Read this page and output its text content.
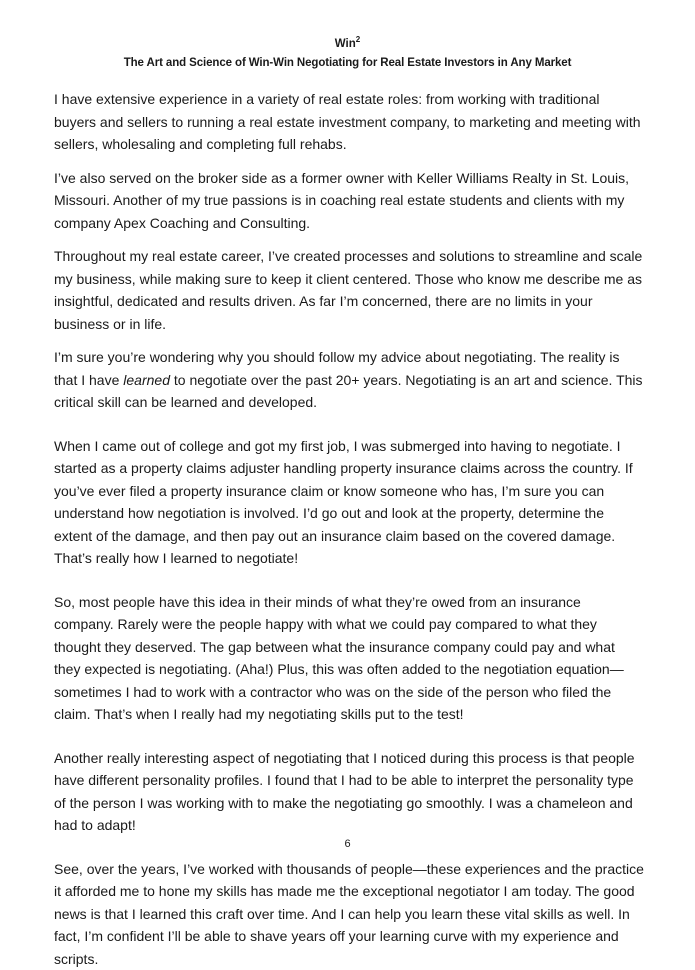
Win$^2$
The Art and Science of Win-Win Negotiating for Real Estate Investors in Any Market

I have extensive experience in a variety of real estate roles: from working with traditional buyers and sellers to running a real estate investment company, to marketing and meeting with sellers, wholesaling and completing full rehabs.

I’ve also served on the broker side as a former owner with Keller Williams Realty in St. Louis, Missouri. Another of my true passions is in coaching real estate students and clients with my company Apex Coaching and Consulting.

Throughout my real estate career, I’ve created processes and solutions to streamline and scale my business, while making sure to keep it client centered. Those who know me describe me as insightful, dedicated and results driven. As far I’m concerned, there are no limits in your business or in life.

I’m sure you’re wondering why you should follow my advice about negotiating. The reality is that I have learned to negotiate over the past 20+ years. Negotiating is an art and science. This critical skill can be learned and developed.

When I came out of college and got my first job, I was submerged into having to negotiate. I started as a property claims adjuster handling property insurance claims across the country. If you’ve ever filed a property insurance claim or know someone who has, I’m sure you can understand how negotiation is involved. I’d go out and look at the property, determine the extent of the damage, and then pay out an insurance claim based on the covered damage. That’s really how I learned to negotiate!

So, most people have this idea in their minds of what they’re owed from an insurance company. Rarely were the people happy with what we could pay compared to what they thought they deserved. The gap between what the insurance company could pay and what they expected is negotiating. (Aha!) Plus, this was often added to the negotiation equation—sometimes I had to work with a contractor who was on the side of the person who filed the claim. That’s when I really had my negotiating skills put to the test!

Another really interesting aspect of negotiating that I noticed during this process is that people have different personality profiles. I found that I had to be able to interpret the personality type of the person I was working with to make the negotiating go smoothly. I was a chameleon and had to adapt!

See, over the years, I’ve worked with thousands of people—these experiences and the practice it afforded me to hone my skills has made me the exceptional negotiator I am today. The good news is that I learned this craft over time. And I can help you learn these vital skills as well. In fact, I’m confident I’ll be able to shave years off your learning curve with my experience and scripts.

6
